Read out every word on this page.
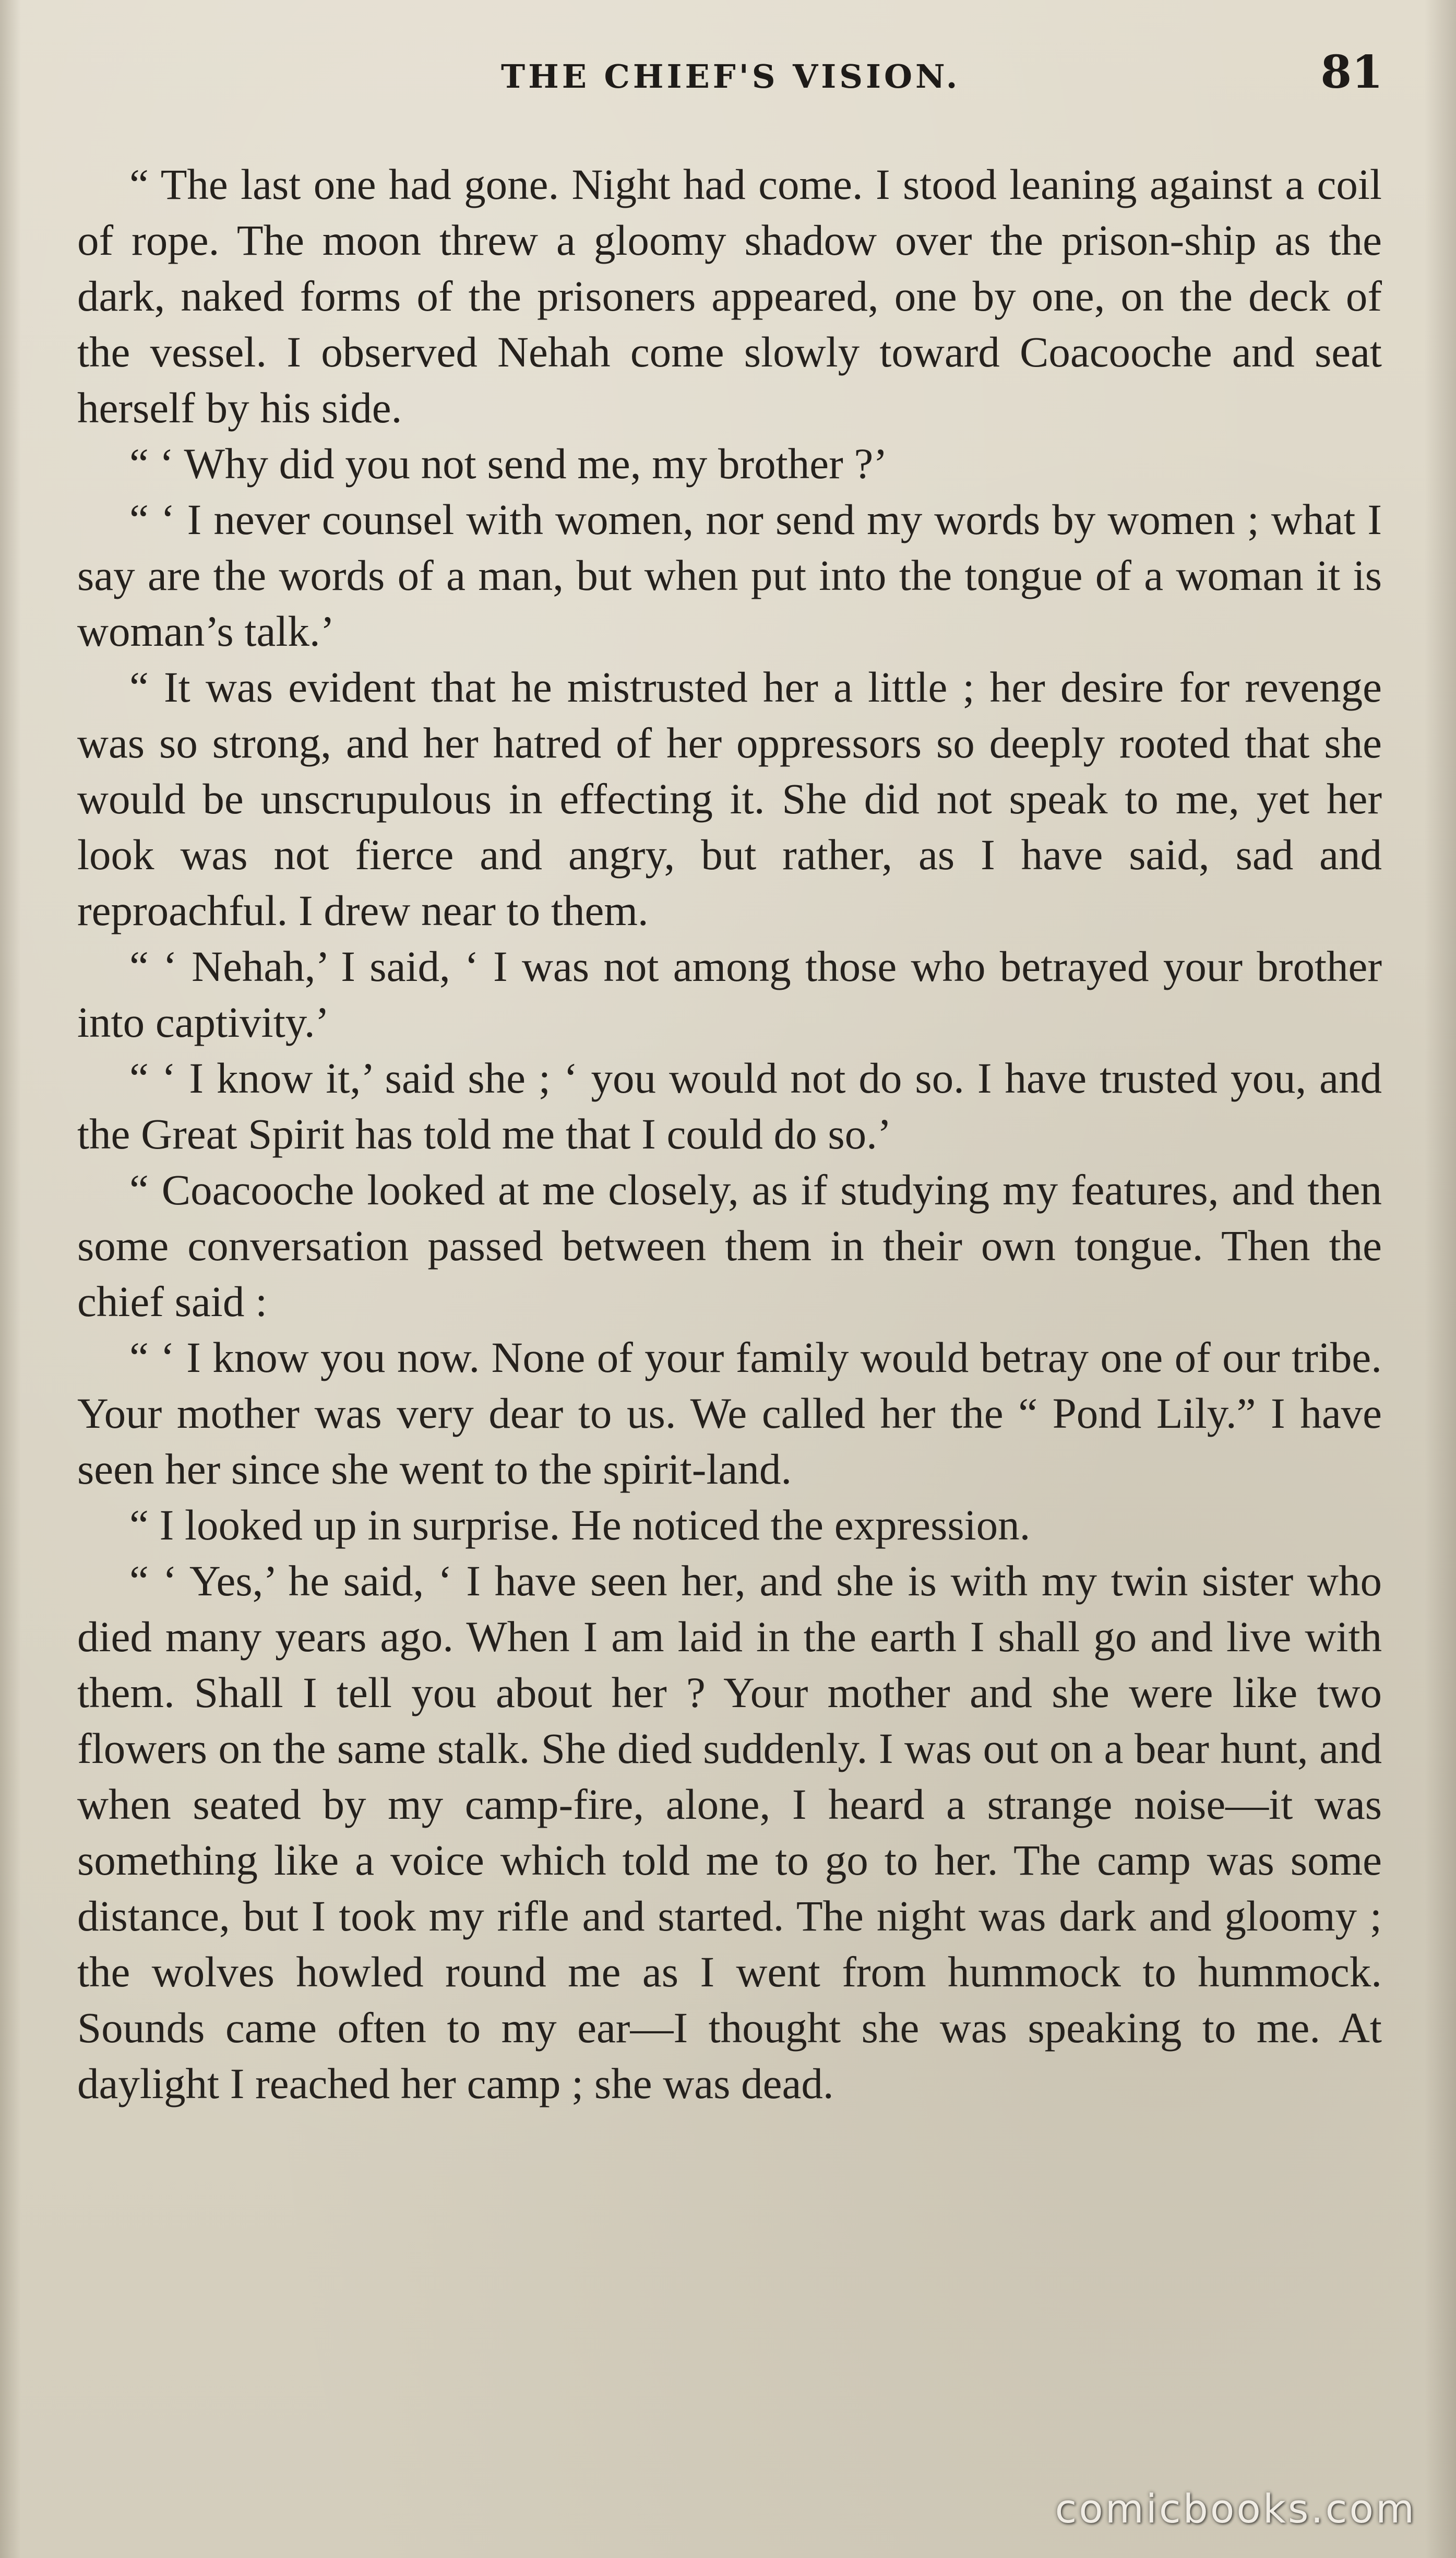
THE CHIEF'S VISION.	81

“ The last one had gone. Night had come. I stood leaning against a coil of rope. The moon threw a gloomy shadow over the prison-ship as the dark, naked forms of the prisoners appeared, one by one, on the deck of the vessel. I observed Nehah come slowly toward Coacooche and seat herself by his side.

“ ‘ Why did you not send me, my brother ?’

“ ‘ I never counsel with women, nor send my words by women ; what I say are the words of a man, but when put into the tongue of a woman it is woman’s talk.’

“ It was evident that he mistrusted her a little ; her desire for revenge was so strong, and her hatred of her oppressors so deeply rooted that she would be unscrupulous in effecting it. She did not speak to me, yet her look was not fierce and angry, but rather, as I have said, sad and reproachful. I drew near to them.

“ ‘ Nehah,’ I said, ‘ I was not among those who betrayed your brother into captivity.’

“ ‘ I know it,’ said she ; ‘ you would not do so. I have trusted you, and the Great Spirit has told me that I could do so.’

“ Coacooche looked at me closely, as if studying my features, and then some conversation passed between them in their own tongue. Then the chief said :

“ ‘ I know you now. None of your family would betray one of our tribe. Your mother was very dear to us. We called her the “ Pond Lily.” I have seen her since she went to the spirit-land.

“ I looked up in surprise. He noticed the expression.

“ ‘ Yes,’ he said, ‘ I have seen her, and she is with my twin sister who died many years ago. When I am laid in the earth I shall go and live with them. Shall I tell you about her ? Your mother and she were like two flowers on the same stalk. She died suddenly. I was out on a bear hunt, and when seated by my camp-fire, alone, I heard a strange noise—it was something like a voice which told me to go to her. The camp was some distance, but I took my rifle and started. The night was dark and gloomy ; the wolves howled round me as I went from hummock to hummock. Sounds came often to my ear—I thought she was speaking to me. At daylight I reached her camp ; she was dead.

comicbooks.com
